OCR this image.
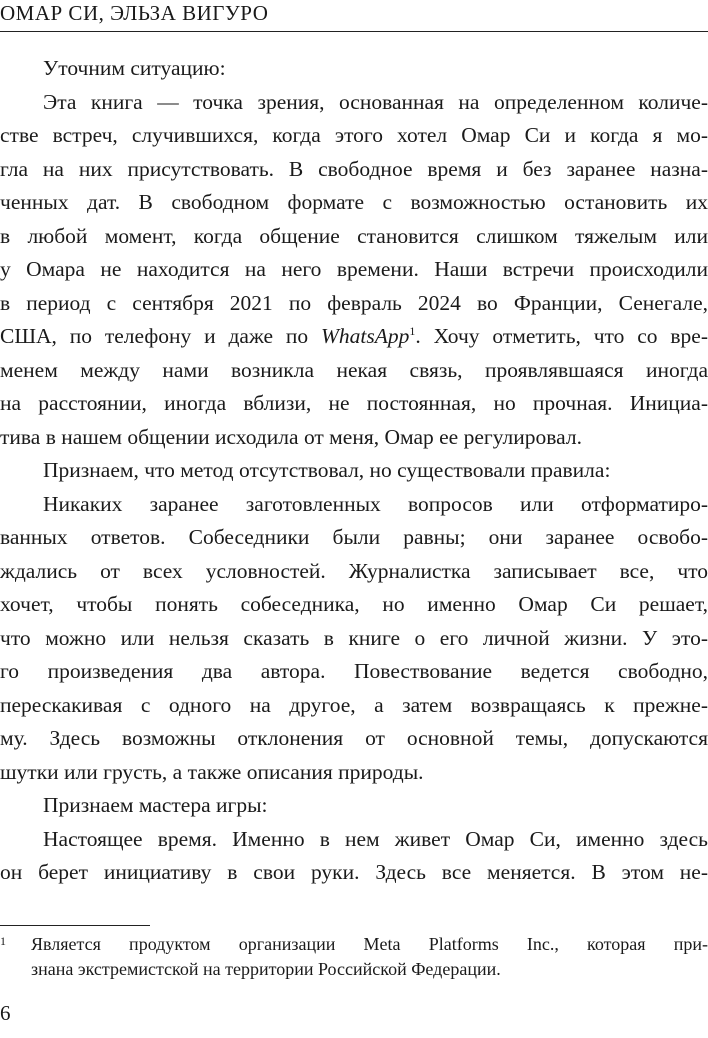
ОМАР СИ, ЭЛЬЗА ВИГУРО
Уточним ситуацию:
Эта книга — точка зрения, основанная на определенном количе-
стве встреч, случившихся, когда этого хотел Омар Си и когда я мо-
гла на них присутствовать. В свободное время и без заранее назна-
ченных дат. В свободном формате с возможностью остановить их
в любой момент, когда общение становится слишком тяжелым или
у Омара не находится на него времени. Наши встречи происходили
в период с сентября 2021 по февраль 2024 во Франции, Сенегале,
США, по телефону и даже по WhatsApp$^1$. Хочу отметить, что со вре-
менем между нами возникла некая связь, проявлявшаяся иногда
на расстоянии, иногда вблизи, не постоянная, но прочная. Инициа-
тива в нашем общении исходила от меня, Омар ее регулировал.
Признаем, что метод отсутствовал, но существовали правила:
Никаких заранее заготовленных вопросов или отформатиро-
ванных ответов. Собеседники были равны; они заранее освобо-
ждались от всех условностей. Журналистка записывает все, что
хочет, чтобы понять собеседника, но именно Омар Си решает,
что можно или нельзя сказать в книге о его личной жизни. У это-
го произведения два автора. Повествование ведется свободно,
перескакивая с одного на другое, а затем возвращаясь к прежне-
му. Здесь возможны отклонения от основной темы, допускаются
шутки или грусть, а также описания природы.
Признаем мастера игры:
Настоящее время. Именно в нем живет Омар Си, именно здесь
он берет инициативу в свои руки. Здесь все меняется. В этом не-
1 Является продуктом организации Meta Platforms Inc., которая при-
знана экстремистской на территории Российской Федерации.
6
